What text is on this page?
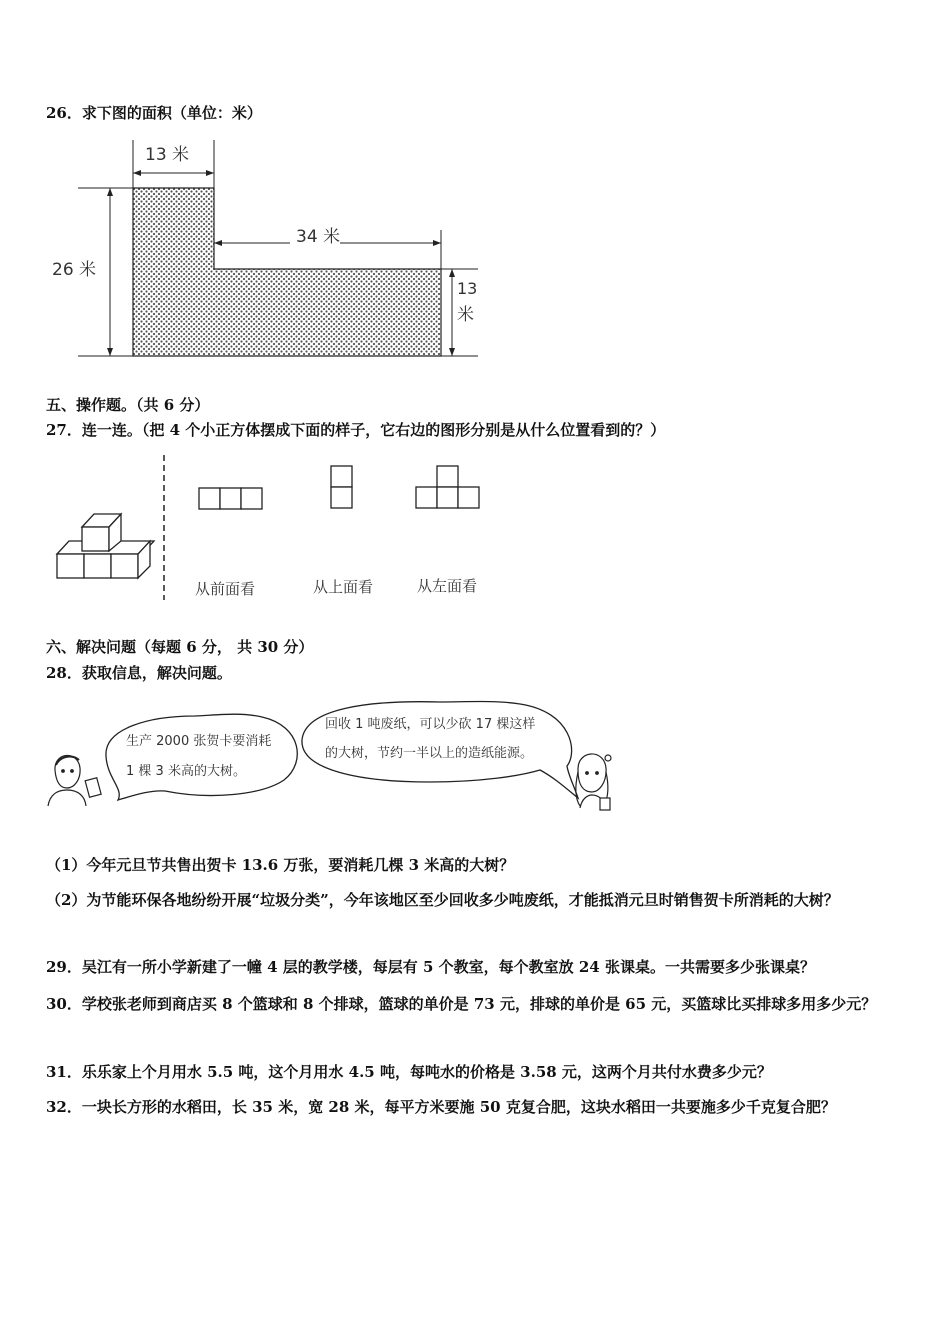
26．求下图的面积（单位：米）
13 米
34 米
26 米
13
米
五、操作题。（共 6 分）
27．连一连。（把 4 个小正方体摆成下面的样子，它右边的图形分别是从什么位置看到的？）
从前面看	从上面看	从左面看
六、解决问题（每题 6 分， 共 30 分）
28．获取信息，解决问题。
生产 2000 张贺卡要消耗
1 棵 3 米高的大树。
回收 1 吨废纸，可以少砍 17 棵这样
的大树，节约一半以上的造纸能源。
（1）今年元旦节共售出贺卡 13.6 万张，要消耗几棵 3 米高的大树？
（2）为节能环保各地纷纷开展“垃圾分类”，今年该地区至少回收多少吨废纸，才能抵消元旦时销售贺卡所消耗的大树？
29．吴江有一所小学新建了一幢 4 层的教学楼，每层有 5 个教室，每个教室放 24 张课桌。一共需要多少张课桌？
30．学校张老师到商店买 8 个篮球和 8 个排球，篮球的单价是 73 元，排球的单价是 65 元，买篮球比买排球多用多少元？
31．乐乐家上个月用水 5.5 吨，这个月用水 4.5 吨，每吨水的价格是 3.58 元，这两个月共付水费多少元？
32．一块长方形的水稻田，长 35 米，宽 28 米，每平方米要施 50 克复合肥，这块水稻田一共要施多少千克复合肥？
